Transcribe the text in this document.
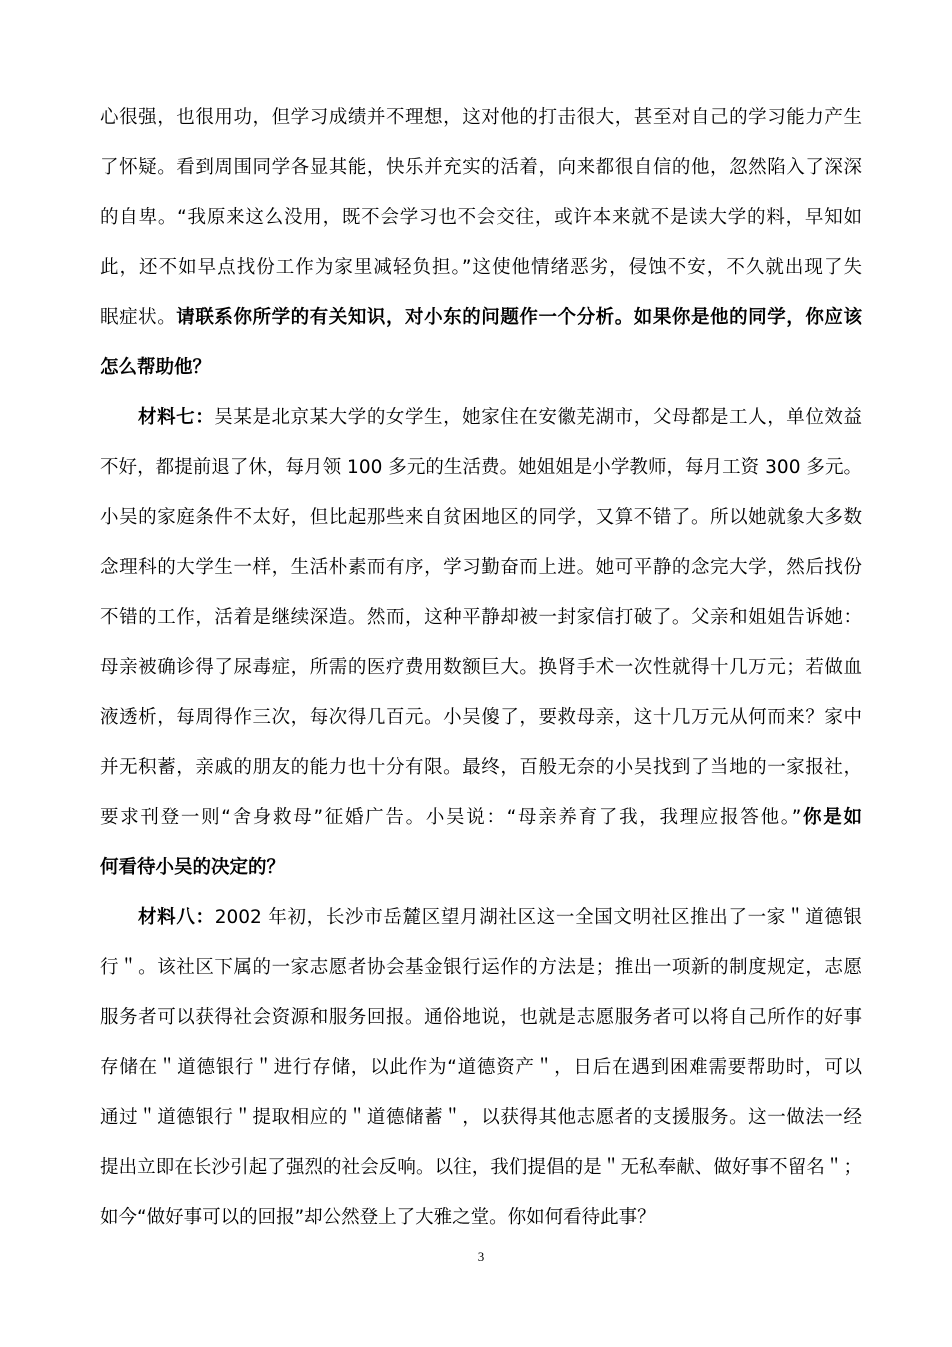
心很强，也很用功，但学习成绩并不理想，这对他的打击很大，甚至对自己的学习能力产生
了怀疑。看到周围同学各显其能，快乐并充实的活着，向来都很自信的他，忽然陷入了深深
的自卑。“我原来这么没用，既不会学习也不会交往，或许本来就不是读大学的料，早知如
此，还不如早点找份工作为家里减轻负担。”这使他情绪恶劣，侵蚀不安，不久就出现了失
眠症状。请联系你所学的有关知识，对小东的问题作一个分析。如果你是他的同学，你应该
怎么帮助他？
材料七：吴某是北京某大学的女学生，她家住在安徽芜湖市，父母都是工人，单位效益
不好，都提前退了休，每月领 100 多元的生活费。她姐姐是小学教师，每月工资 300 多元。
小吴的家庭条件不太好，但比起那些来自贫困地区的同学，又算不错了。所以她就象大多数
念理科的大学生一样，生活朴素而有序，学习勤奋而上进。她可平静的念完大学，然后找份
不错的工作，活着是继续深造。然而，这种平静却被一封家信打破了。父亲和姐姐告诉她：
母亲被确诊得了尿毒症，所需的医疗费用数额巨大。换肾手术一次性就得十几万元；若做血
液透析，每周得作三次，每次得几百元。小吴傻了，要救母亲，这十几万元从何而来？家中
并无积蓄，亲戚的朋友的能力也十分有限。最终，百般无奈的小吴找到了当地的一家报社，
要求刊登一则“舍身救母”征婚广告。小吴说：“母亲养育了我，我理应报答他。”你是如
何看待小吴的决定的？
材料八：2002 年初，长沙市岳麓区望月湖社区这一全国文明社区推出了一家＂道德银
行＂。该社区下属的一家志愿者协会基金银行运作的方法是；推出一项新的制度规定，志愿
服务者可以获得社会资源和服务回报。通俗地说，也就是志愿服务者可以将自己所作的好事
存储在＂道德银行＂进行存储，以此作为“道德资产＂，日后在遇到困难需要帮助时，可以
通过＂道德银行＂提取相应的＂道德储蓄＂，以获得其他志愿者的支援服务。这一做法一经
提出立即在长沙引起了强烈的社会反响。以往，我们提倡的是＂无私奉献、做好事不留名＂；
如今“做好事可以的回报”却公然登上了大雅之堂。你如何看待此事？
3
